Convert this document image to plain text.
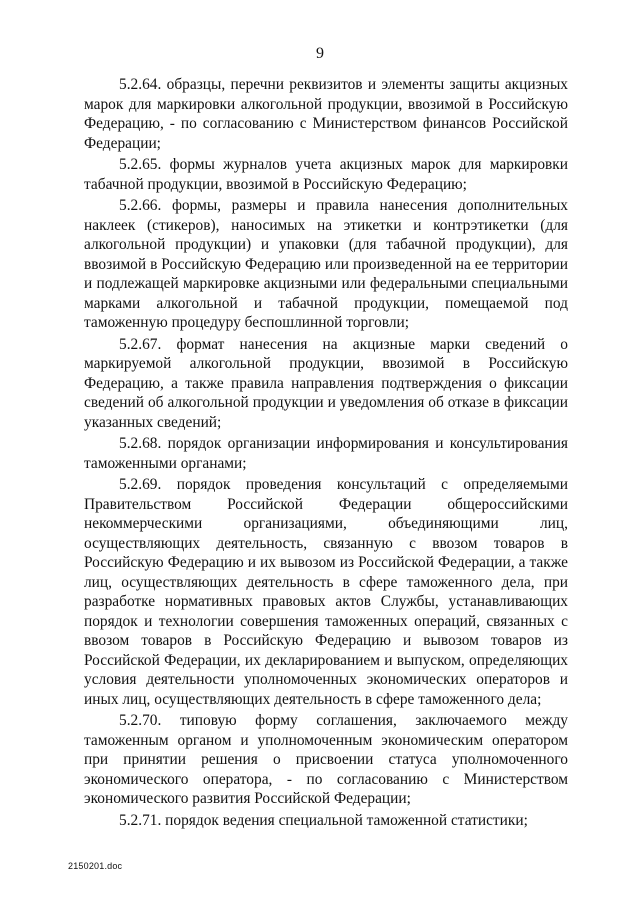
9

5.2.64. образцы, перечни реквизитов и элементы защиты акцизных марок для маркировки алкогольной продукции, ввозимой в Российскую Федерацию, - по согласованию с Министерством финансов Российской Федерации;

5.2.65. формы журналов учета акцизных марок для маркировки табачной продукции, ввозимой в Российскую Федерацию;

5.2.66. формы, размеры и правила нанесения дополнительных наклеек (стикеров), наносимых на этикетки и контрэтикетки (для алкогольной продукции) и упаковки (для табачной продукции), для ввозимой в Российскую Федерацию или произведенной на ее территории и подлежащей маркировке акцизными или федеральными специальными марками алкогольной и табачной продукции, помещаемой под таможенную процедуру беспошлинной торговли;

5.2.67. формат нанесения на акцизные марки сведений о маркируемой алкогольной продукции, ввозимой в Российскую Федерацию, а также правила направления подтверждения о фиксации сведений об алкогольной продукции и уведомления об отказе в фиксации указанных сведений;

5.2.68. порядок организации информирования и консультирования таможенными органами;

5.2.69. порядок проведения консультаций с определяемыми Правительством Российской Федерации общероссийскими некоммерческими организациями, объединяющими лиц, осуществляющих деятельность, связанную с ввозом товаров в Российскую Федерацию и их вывозом из Российской Федерации, а также лиц, осуществляющих деятельность в сфере таможенного дела, при разработке нормативных правовых актов Службы, устанавливающих порядок и технологии совершения таможенных операций, связанных с ввозом товаров в Российскую Федерацию и вывозом товаров из Российской Федерации, их декларированием и выпуском, определяющих условия деятельности уполномоченных экономических операторов и иных лиц, осуществляющих деятельность в сфере таможенного дела;

5.2.70. типовую форму соглашения, заключаемого между таможенным органом и уполномоченным экономическим оператором при принятии решения о присвоении статуса уполномоченного экономического оператора, - по согласованию с Министерством экономического развития Российской Федерации;

5.2.71. порядок ведения специальной таможенной статистики;

2150201.doc
